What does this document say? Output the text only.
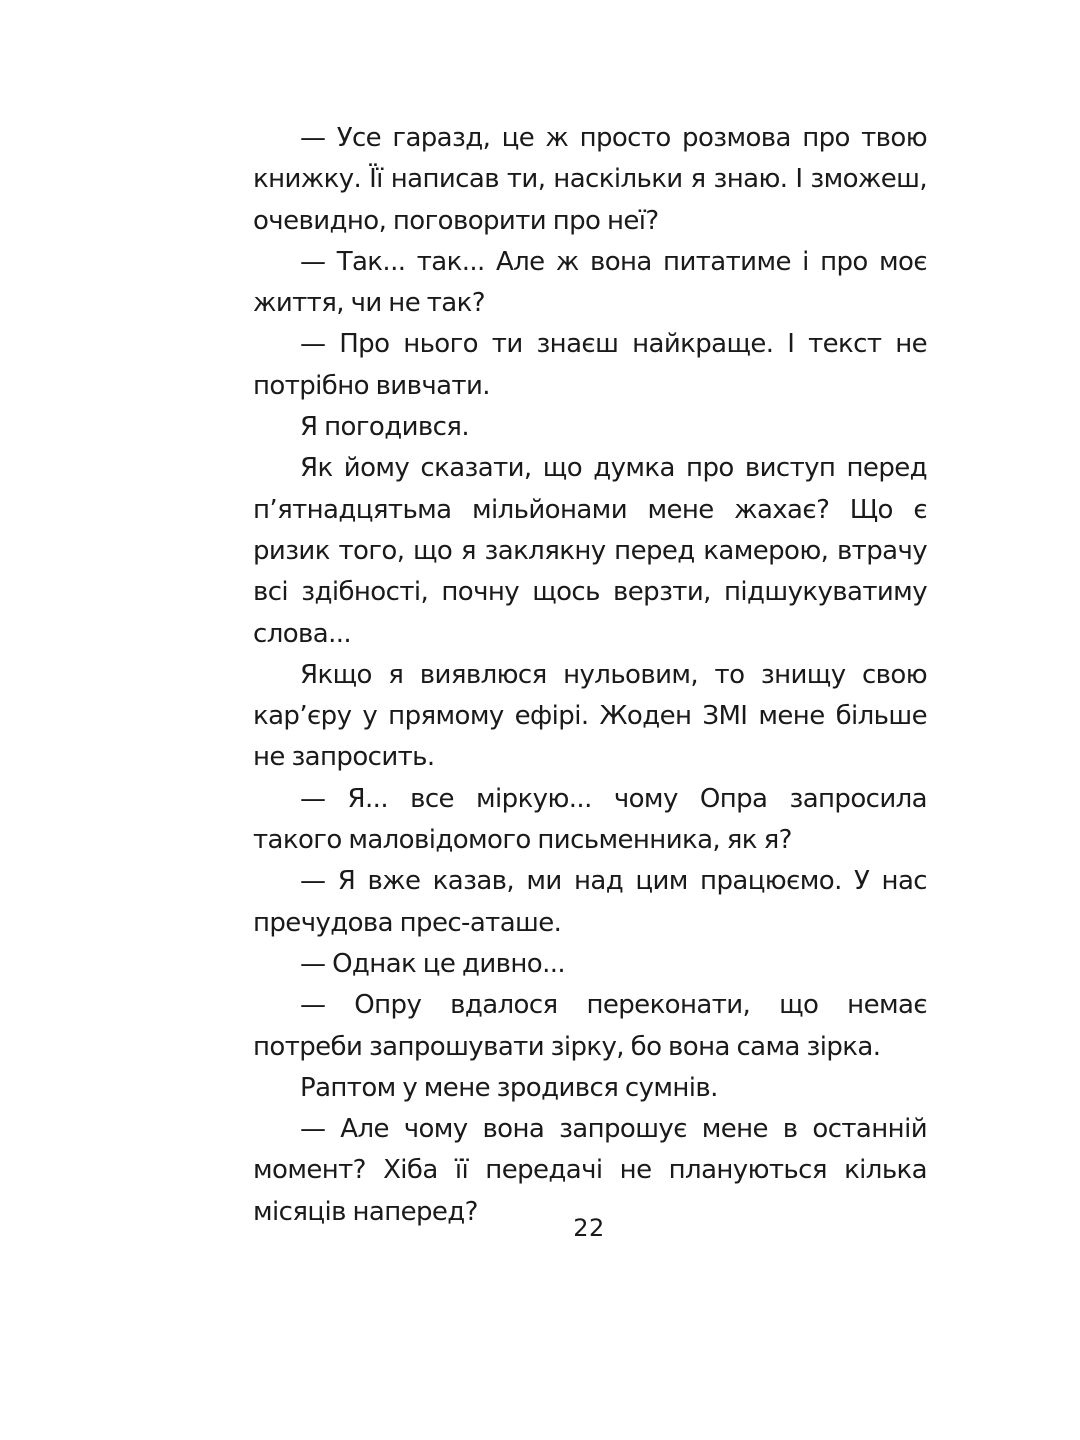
— Усе гаразд, це ж просто розмова про твою книжку. Її написав ти, наскільки я знаю. І зможеш, очевидно, поговорити про неї?

— Так... так... Але ж вона питатиме і про моє життя, чи не так?

— Про нього ти знаєш найкраще. І текст не потрібно вивчати.

Я погодився.

Як йому сказати, що думка про виступ перед п’ятнадцятьма мільйонами мене жахає? Що є ризик того, що я заклякну перед камерою, втрачу всі здібності, почну щось верзти, підшукуватиму слова...

Якщо я виявлюся нульовим, то знищу свою кар’єру у прямому ефірі. Жоден ЗМІ мене більше не запросить.

— Я... все міркую... чому Опра запросила такого маловідомого письменника, як я?

— Я вже казав, ми над цим працюємо. У нас пречудова прес-аташе.

— Однак це дивно...

— Опру вдалося переконати, що немає потреби запрошувати зірку, бо вона сама зірка.

Раптом у мене зродився сумнів.

— Але чому вона запрошує мене в останній момент? Хіба її передачі не плануються кілька місяців наперед?

22
